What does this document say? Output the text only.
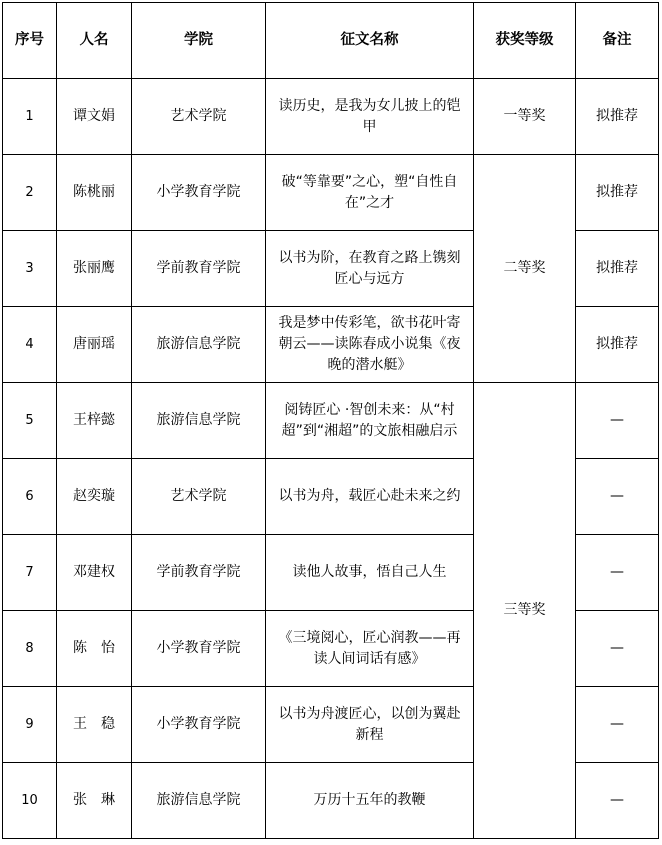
序号	人名	学院	征文名称	获奖等级	备注
1	谭文娟	艺术学院	读历史，是我为女儿披上的铠甲	一等奖	拟推荐
2	陈桃丽	小学教育学院	破“等靠要”之心，塑“自性自在”之才	二等奖	拟推荐
3	张丽鹰	学前教育学院	以书为阶，在教育之路上镌刻匠心与远方		拟推荐
4	唐丽瑶	旅游信息学院	我是梦中传彩笔，欲书花叶寄朝云——读陈春成小说集《夜晚的潜水艇》		拟推荐
5	王梓懿	旅游信息学院	阅铸匠心 ·智创未来：从“村超”到“湘超”的文旅相融启示	三等奖	—
6	赵奕璇	艺术学院	以书为舟，载匠心赴未来之约		—
7	邓建权	学前教育学院	读他人故事，悟自己人生		—
8	陈　怡	小学教育学院	《三境阅心，匠心润教——再读人间词话有感》		—
9	王　稳	小学教育学院	以书为舟渡匠心，以创为翼赴新程		—
10	张　琳	旅游信息学院	万历十五年的教鞭		—
